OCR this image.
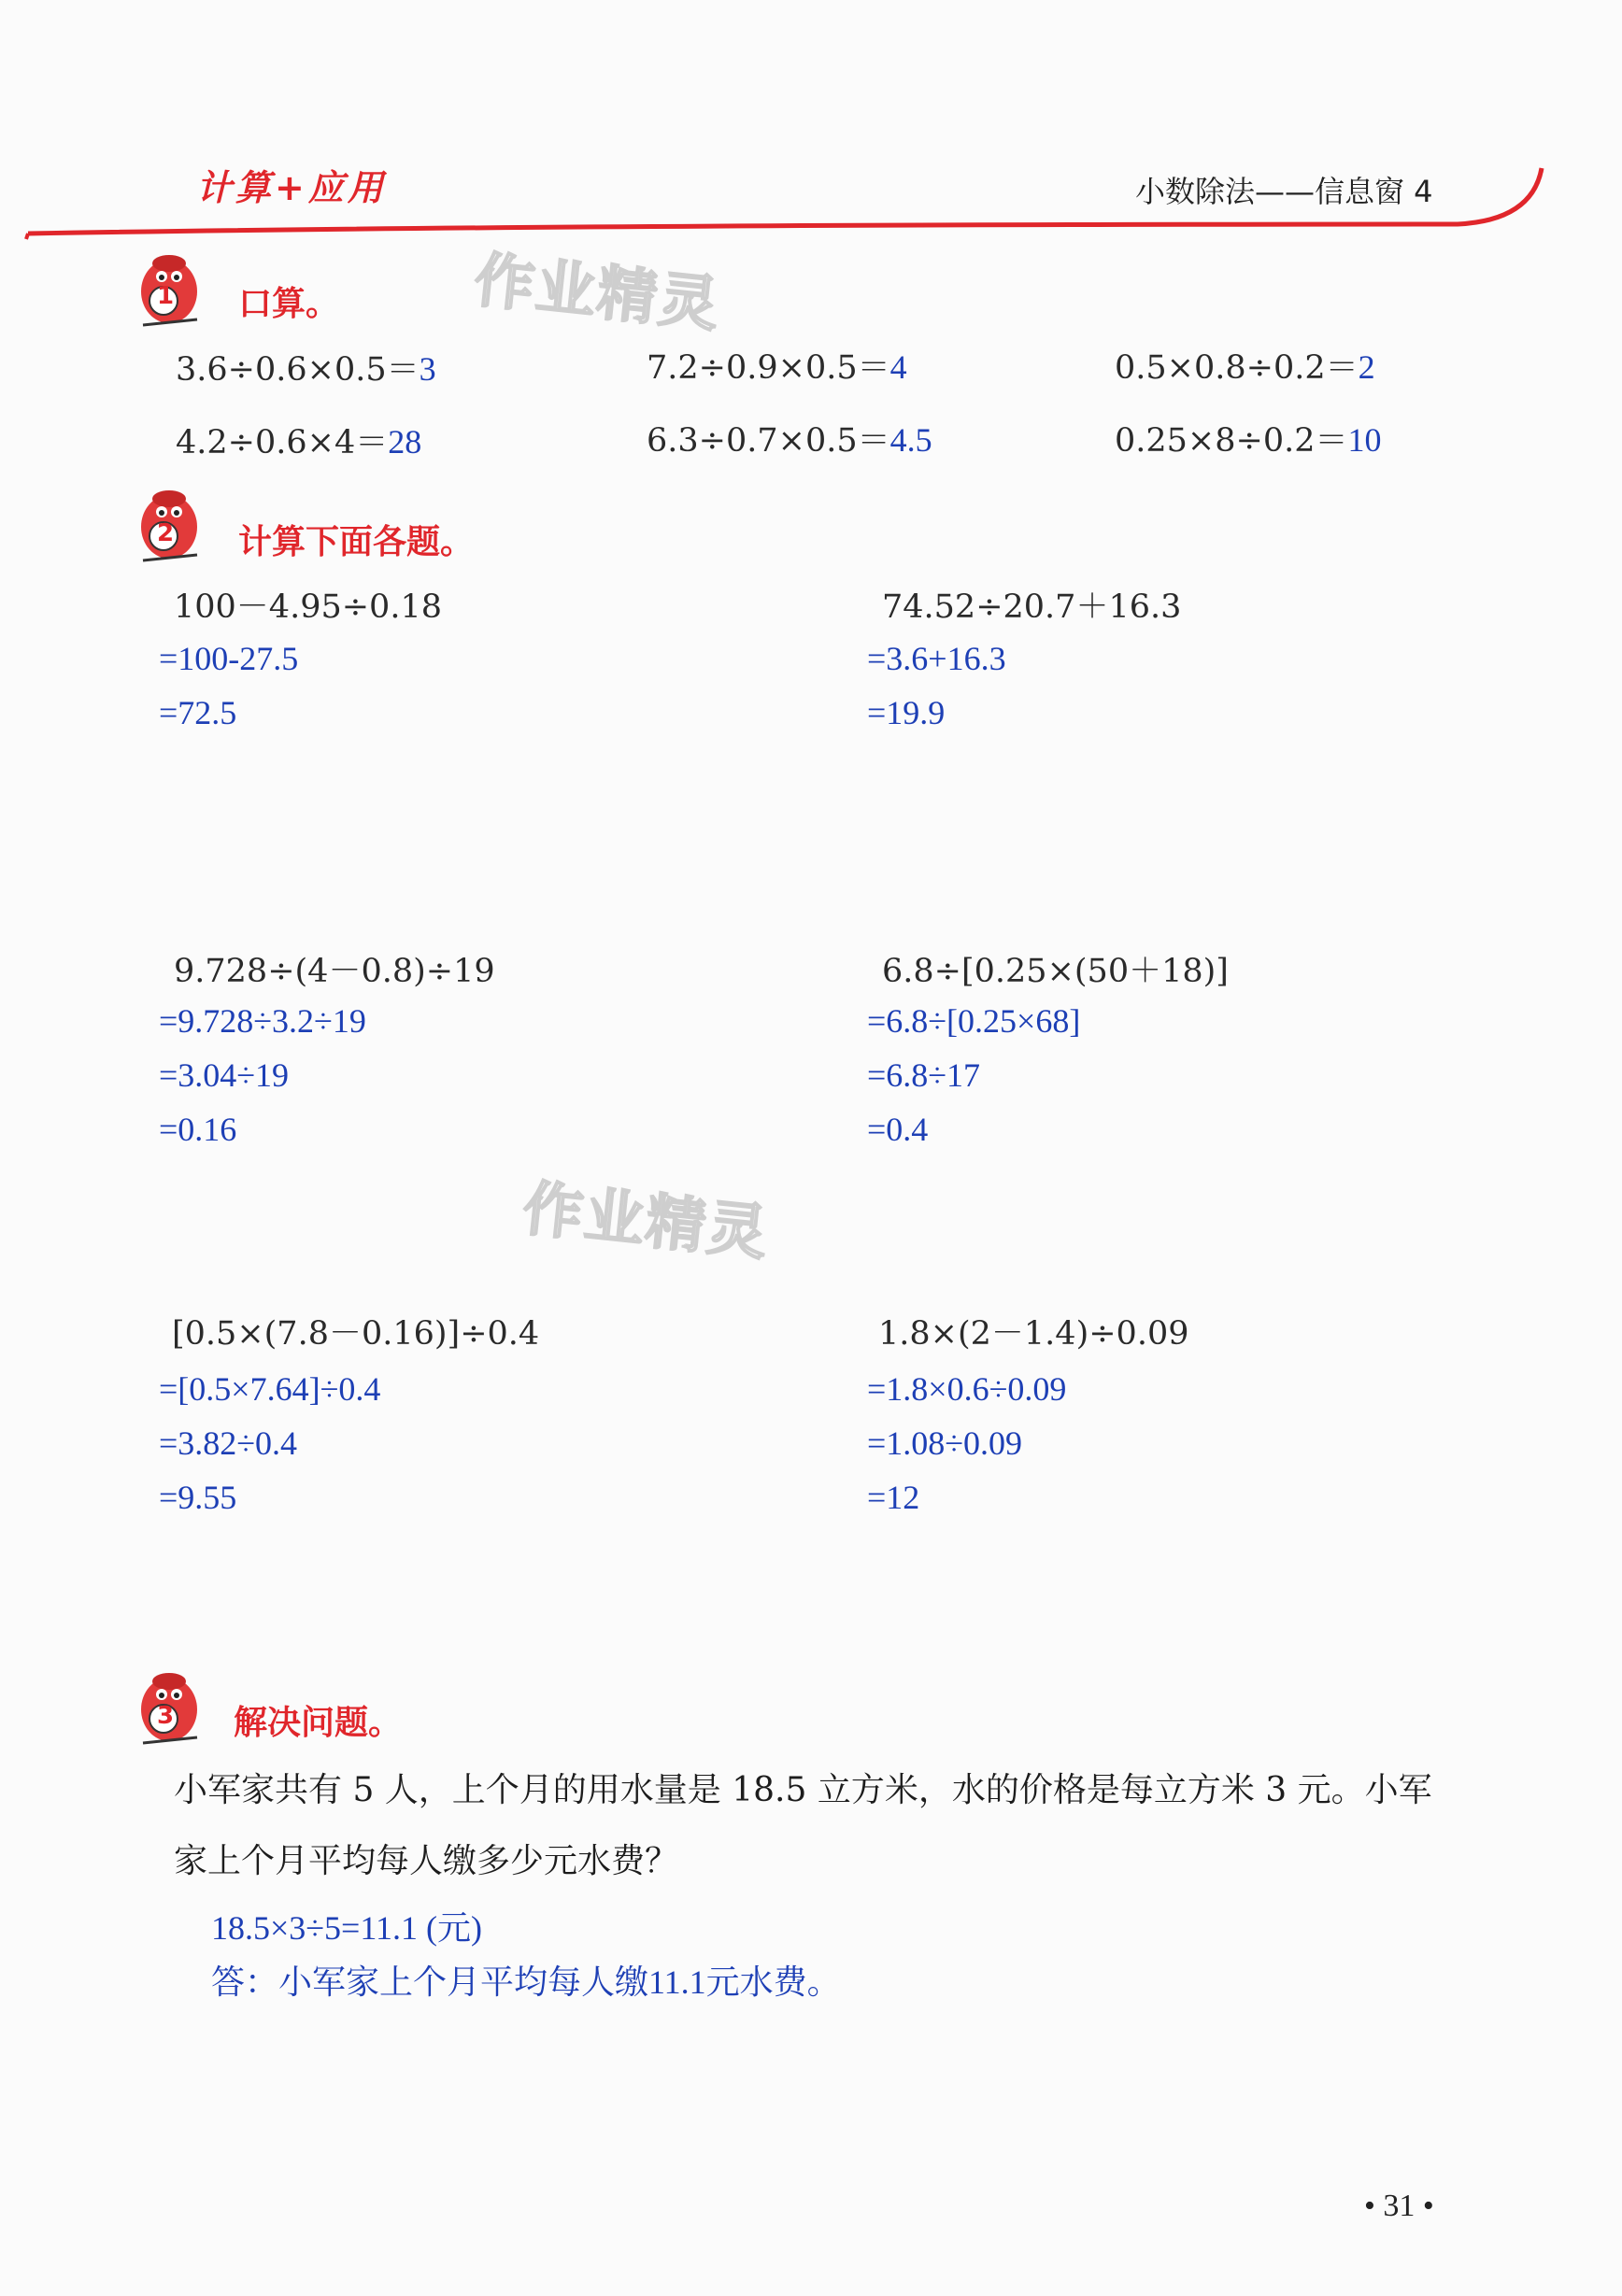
计算+应用	小数除法——信息窗 4
1 口算。
3.6÷0.6×0.5＝3	7.2÷0.9×0.5＝4	0.5×0.8÷0.2＝2
4.2÷0.6×4＝28	6.3÷0.7×0.5＝4.5	0.25×8÷0.2＝10
作业精灵
2 计算下面各题。
100－4.95÷0.18
=100-27.5
=72.5
74.52÷20.7＋16.3
=3.6+16.3
=19.9
9.728÷(4－0.8)÷19
=9.728÷3.2÷19
=3.04÷19
=0.16
6.8÷[0.25×(50＋18)]
=6.8÷[0.25×68]
=6.8÷17
=0.4
作业精灵
[0.5×(7.8－0.16)]÷0.4
=[0.5×7.64]÷0.4
=3.82÷0.4
=9.55
1.8×(2－1.4)÷0.09
=1.8×0.6÷0.09
=1.08÷0.09
=12
3 解决问题。
小军家共有 5 人，上个月的用水量是 18.5 立方米，水的价格是每立方米 3 元。小军
家上个月平均每人缴多少元水费？
18.5×3÷5=11.1 (元)
答：小军家上个月平均每人缴11.1元水费。
• 31 •
